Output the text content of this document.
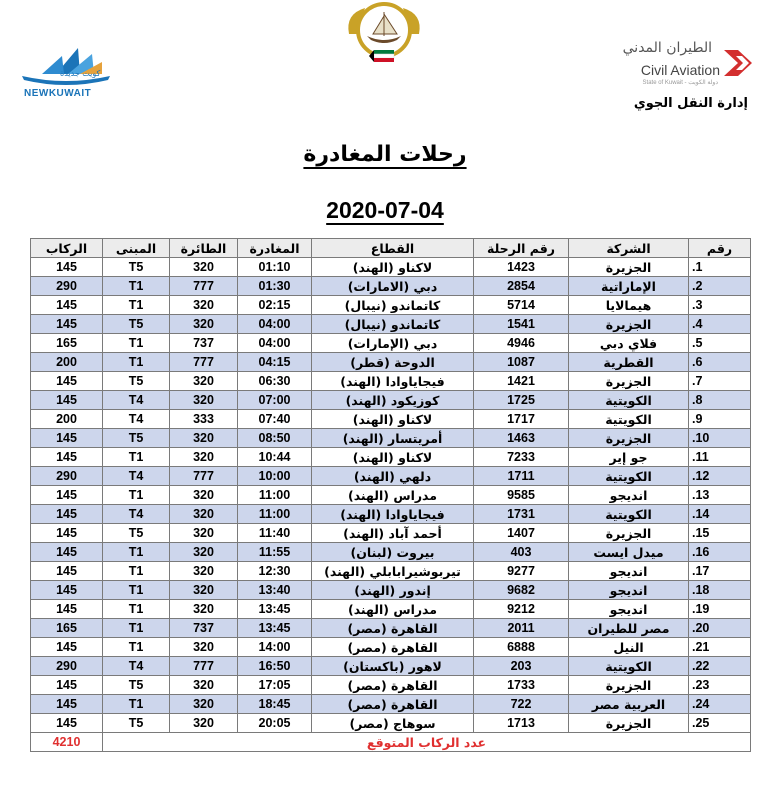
كويت جديدة
NEWKUWAIT
الطيران المدني
Civil Aviation
State of Kuwait - دولة الكويت
إدارة النقل الجوي
رحلات المغادرة
2020-07-04
رقم	الشركة	رقم الرحلة	القطاع	المغادرة	الطائرة	المبنى	الركاب
1.	الجزيرة	1423	لاكناو (الهند)	01:10	320	T5	145
2.	الإماراتية	2854	دبي (الامارات)	01:30	777	T1	290
3.	هيمالايا	5714	كاتماندو (نيبال)	02:15	320	T1	145
4.	الجزيرة	1541	كاتماندو (نيبال)	04:00	320	T5	145
5.	فلاي دبي	4946	دبي (الإمارات)	04:00	737	T1	165
6.	القطرية	1087	الدوحة (قطر)	04:15	777	T1	200
7.	الجزيرة	1421	فيجاياوادا (الهند)	06:30	320	T5	145
8.	الكويتية	1725	كوزيكود (الهند)	07:00	320	T4	145
9.	الكويتية	1717	لاكناو (الهند)	07:40	333	T4	200
10.	الجزيرة	1463	أمريتسار (الهند)	08:50	320	T5	145
11.	جو إير	7233	لاكناو (الهند)	10:44	320	T1	145
12.	الكويتية	1711	دلهي (الهند)	10:00	777	T4	290
13.	انديجو	9585	مدراس (الهند)	11:00	320	T1	145
14.	الكويتية	1731	فيجاياوادا (الهند)	11:00	320	T4	145
15.	الجزيرة	1407	أحمد آباد (الهند)	11:40	320	T5	145
16.	ميدل ايست	403	بيروت (لبنان)	11:55	320	T1	145
17.	انديجو	9277	تيربوشيرابابلي (الهند)	12:30	320	T1	145
18.	انديجو	9682	إندور (الهند)	13:40	320	T1	145
19.	انديجو	9212	مدراس (الهند)	13:45	320	T1	145
20.	مصر للطيران	2011	القاهرة (مصر)	13:45	737	T1	165
21.	النيل	6888	القاهرة (مصر)	14:00	320	T1	145
22.	الكويتية	203	لاهور (باكستان)	16:50	777	T4	290
23.	الجزيرة	1733	القاهرة (مصر)	17:05	320	T5	145
24.	العربية مصر	722	القاهرة (مصر)	18:45	320	T1	145
25.	الجزيرة	1713	سوهاج (مصر)	20:05	320	T5	145
عدد الركاب المتوقع							4210
